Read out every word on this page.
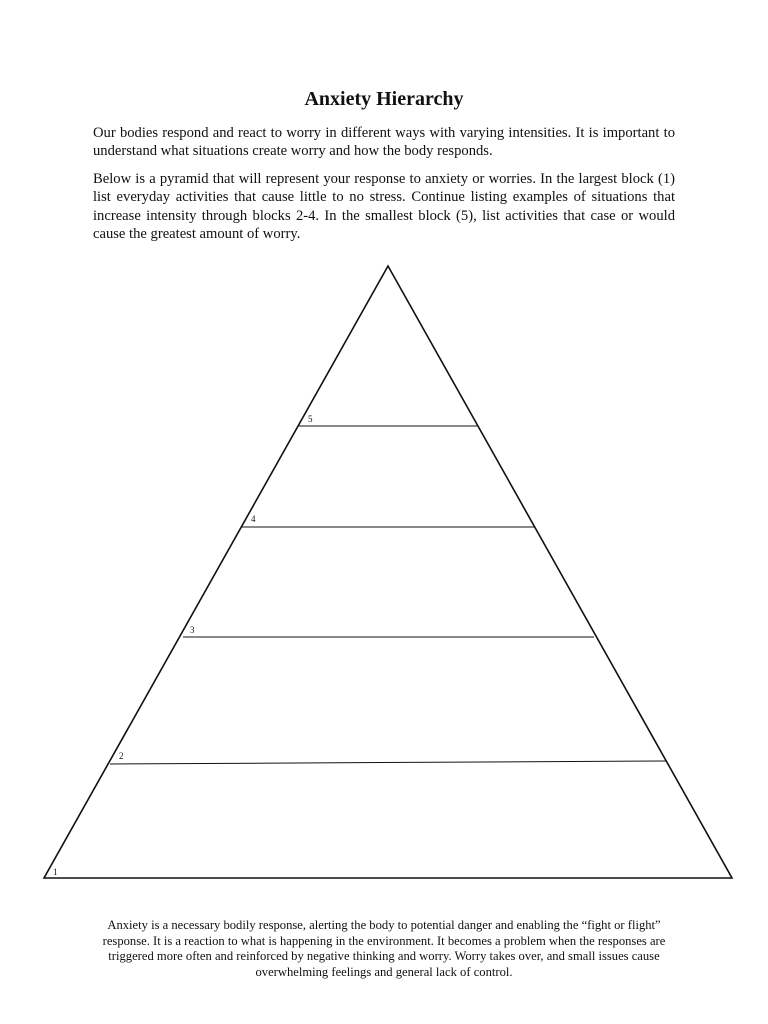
Anxiety Hierarchy

Our bodies respond and react to worry in different ways with varying intensities. It is important to understand what situations create worry and how the body responds.

Below is a pyramid that will represent your response to anxiety or worries. In the largest block (1) list everyday activities that cause little to no stress. Continue listing examples of situations that increase intensity through blocks 2-4. In the smallest block (5), list activities that case or would cause the greatest amount of worry.

5
4
3
2
1

Anxiety is a necessary bodily response, alerting the body to potential danger and enabling the “fight or flight” response. It is a reaction to what is happening in the environment. It becomes a problem when the responses are triggered more often and reinforced by negative thinking and worry. Worry takes over, and small issues cause overwhelming feelings and general lack of control.
